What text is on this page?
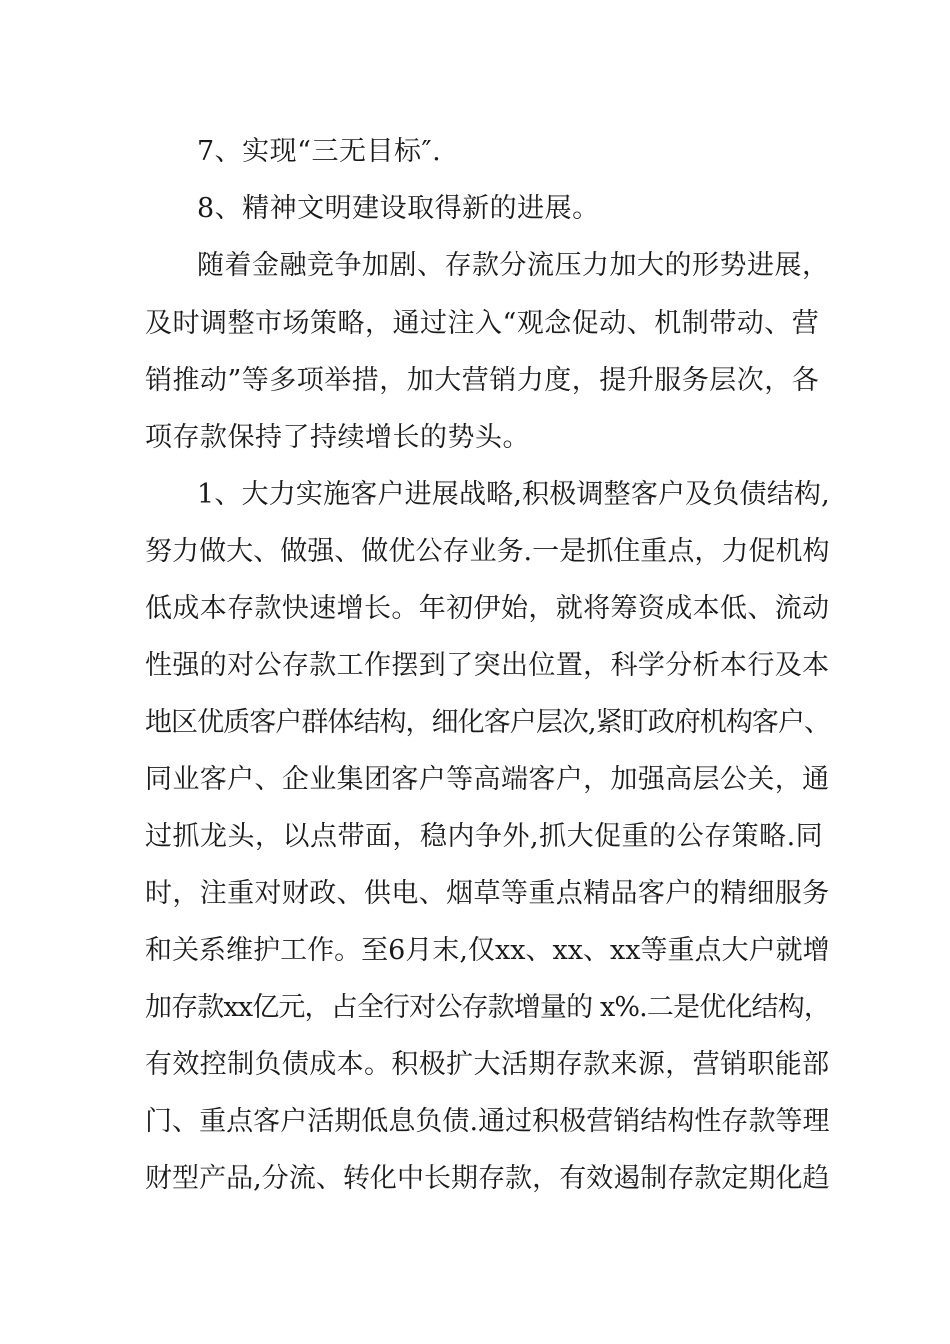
7、实现“三无目标″.
8、精神文明建设取得新的进展。
随着金融竞争加剧、存款分流压力加大的形势进展，
及时调整市场策略，通过注入“观念促动、机制带动、营
销推动”等多项举措，加大营销力度，提升服务层次，各
项存款保持了持续增长的势头。
1、大力实施客户进展战略,积极调整客户及负债结构,
努力做大、做强、做优公存业务.一是抓住重点，力促机构
低成本存款快速增长。年初伊始，就将筹资成本低、流动
性强的对公存款工作摆到了突出位置，科学分析本行及本
地区优质客户群体结构，细化客户层次,紧盯政府机构客户、
同业客户、企业集团客户等高端客户，加强高层公关，通
过抓龙头，以点带面，稳内争外,抓大促重的公存策略.同
时，注重对财政、供电、烟草等重点精品客户的精细服务
和关系维护工作。至6月末,仅xx、xx、xx等重点大户就增
加存款xx亿元，占全行对公存款增量的 x%.二是优化结构，
有效控制负债成本。积极扩大活期存款来源，营销职能部
门、重点客户活期低息负债.通过积极营销结构性存款等理
财型产品,分流、转化中长期存款，有效遏制存款定期化趋
